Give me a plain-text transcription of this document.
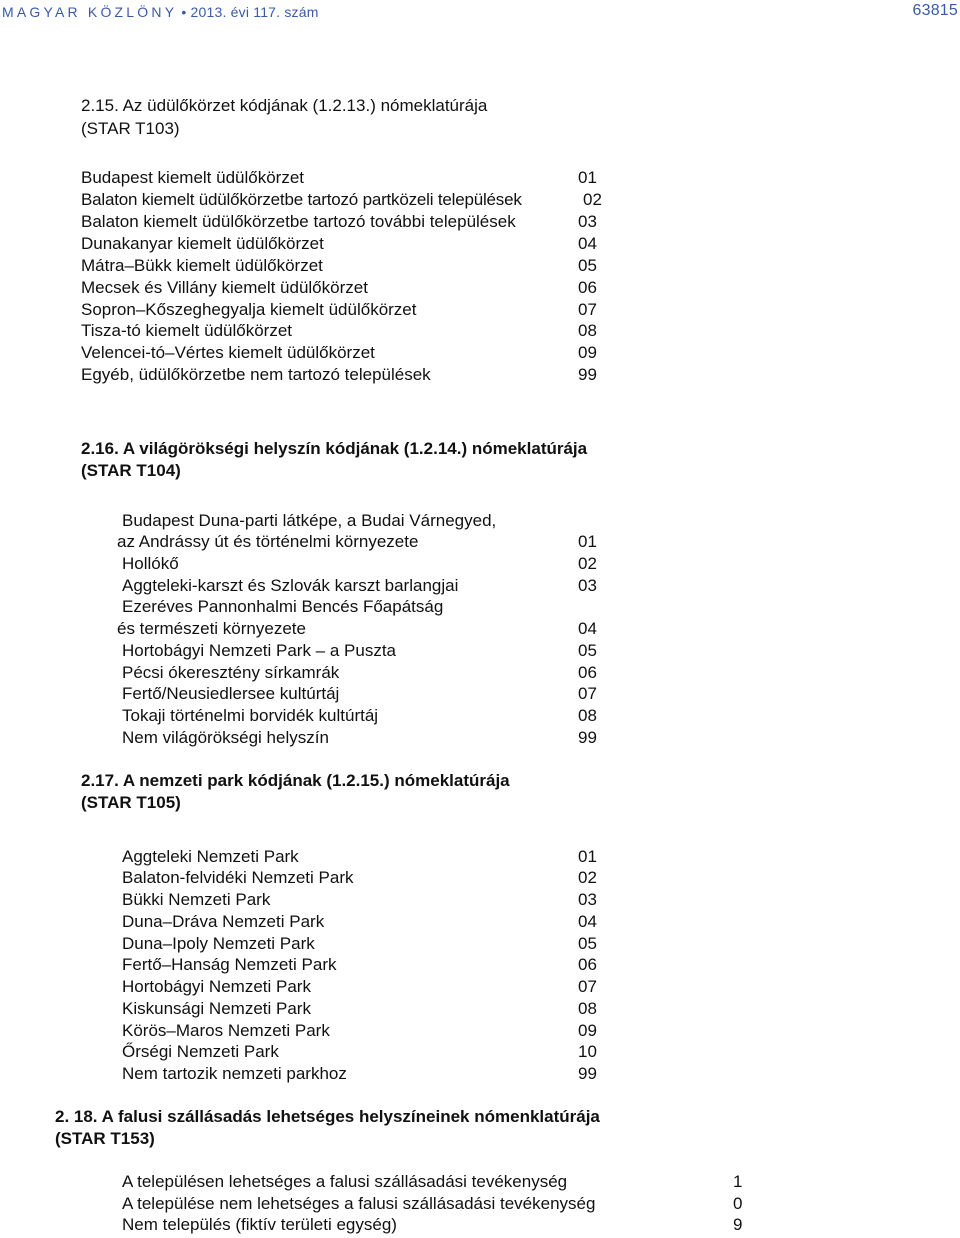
MAGYAR KÖZLÖNY • 2013. évi 117. szám	63815
2.15. Az üdülőkörzet kódjának (1.2.13.) nómeklatúrája
(STAR T103)
Budapest kiemelt üdülőkörzet	01
Balaton kiemelt üdülőkörzetbe tartozó partközeli települések	02
Balaton kiemelt üdülőkörzetbe tartozó további települések	03
Dunakanyar kiemelt üdülőkörzet	04
Mátra–Bükk kiemelt üdülőkörzet	05
Mecsek és Villány kiemelt üdülőkörzet	06
Sopron–Kőszeghegyalja kiemelt üdülőkörzet	07
Tisza-tó kiemelt üdülőkörzet	08
Velencei-tó–Vértes kiemelt üdülőkörzet	09
Egyéb, üdülőkörzetbe nem tartozó települések	99
2.16. A világörökségi helyszín kódjának (1.2.14.) nómeklatúrája
(STAR T104)
Budapest Duna-parti látképe, a Budai Várnegyed,
az Andrássy út és történelmi környezete	01
Hollókő	02
Aggteleki-karszt és Szlovák karszt barlangjai	03
Ezeréves Pannonhalmi Bencés Főapátság
és természeti környezete	04
Hortobágyi Nemzeti Park – a Puszta	05
Pécsi ókeresztény sírkamrák	06
Fertő/Neusiedlersee kultúrtáj	07
Tokaji történelmi borvidék kultúrtáj	08
Nem világörökségi helyszín	99
2.17. A nemzeti park kódjának (1.2.15.) nómeklatúrája
(STAR T105)
Aggteleki Nemzeti Park	01
Balaton-felvidéki Nemzeti Park	02
Bükki Nemzeti Park	03
Duna–Dráva Nemzeti Park	04
Duna–Ipoly Nemzeti Park	05
Fertő–Hanság Nemzeti Park	06
Hortobágyi Nemzeti Park	07
Kiskunsági Nemzeti Park	08
Körös–Maros Nemzeti Park	09
Őrségi Nemzeti Park	10
Nem tartozik nemzeti parkhoz	99
2. 18. A falusi szállásadás lehetséges helyszíneinek nómenklatúrája
(STAR T153)
A településen lehetséges a falusi szállásadási tevékenység	1
A települése nem lehetséges a falusi szállásadási tevékenység	0
Nem település (fiktív területi egység)	9
